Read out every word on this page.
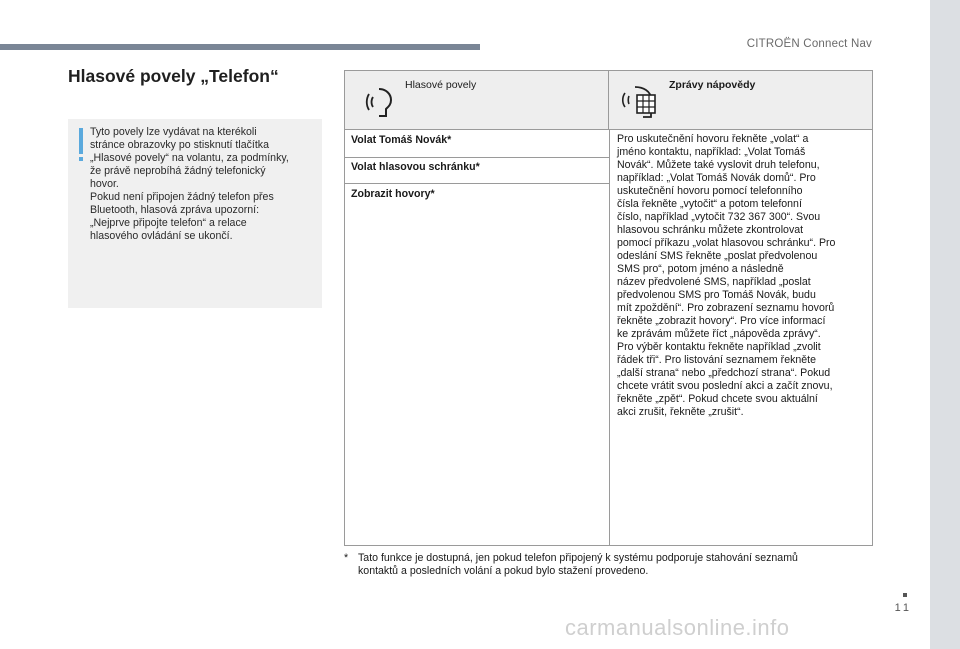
CITROËN Connect Nav
Hlasové povely „Telefon“
Tyto povely lze vydávat na kterékoli
stránce obrazovky po stisknutí tlačítka
„Hlasové povely“ na volantu, za podmínky,
že právě neprobíhá žádný telefonický
hovor.
Pokud není připojen žádný telefon přes
Bluetooth, hlasová zpráva upozorní:
„Nejprve připojte telefon“ a relace
hlasového ovládání se ukončí.
Hlasové povely	Zprávy nápovědy
Volat Tomáš Novák*
Volat hlasovou schránku*
Zobrazit hovory*
Pro uskutečnění hovoru řekněte „volat“ a
jméno kontaktu, například: „Volat Tomáš
Novák“. Můžete také vyslovit druh telefonu,
například: „Volat Tomáš Novák domů“. Pro
uskutečnění hovoru pomocí telefonního
čísla řekněte „vytočit“ a potom telefonní
číslo, například „vytočit 732 367 300“. Svou
hlasovou schránku můžete zkontrolovat
pomocí příkazu „volat hlasovou schránku“. Pro
odeslání SMS řekněte „poslat předvolenou
SMS pro“, potom jméno a následně
název předvolené SMS, například „poslat
předvolenou SMS pro Tomáš Novák, budu
mít zpoždění“. Pro zobrazení seznamu hovorů
řekněte „zobrazit hovory“. Pro více informací
ke zprávám můžete říct „nápověda zprávy“.
Pro výběr kontaktu řekněte například „zvolit
řádek tři“. Pro listování seznamem řekněte
„další strana“ nebo „předchozí strana“. Pokud
chcete vrátit svou poslední akci a začít znovu,
řekněte „zpět“. Pokud chcete svou aktuální
akci zrušit, řekněte „zrušit“.
* Tato funkce je dostupná, jen pokud telefon připojený k systému podporuje stahování seznamů
kontaktů a posledních volání a pokud bylo stažení provedeno.
11
carmanualsonline.info
